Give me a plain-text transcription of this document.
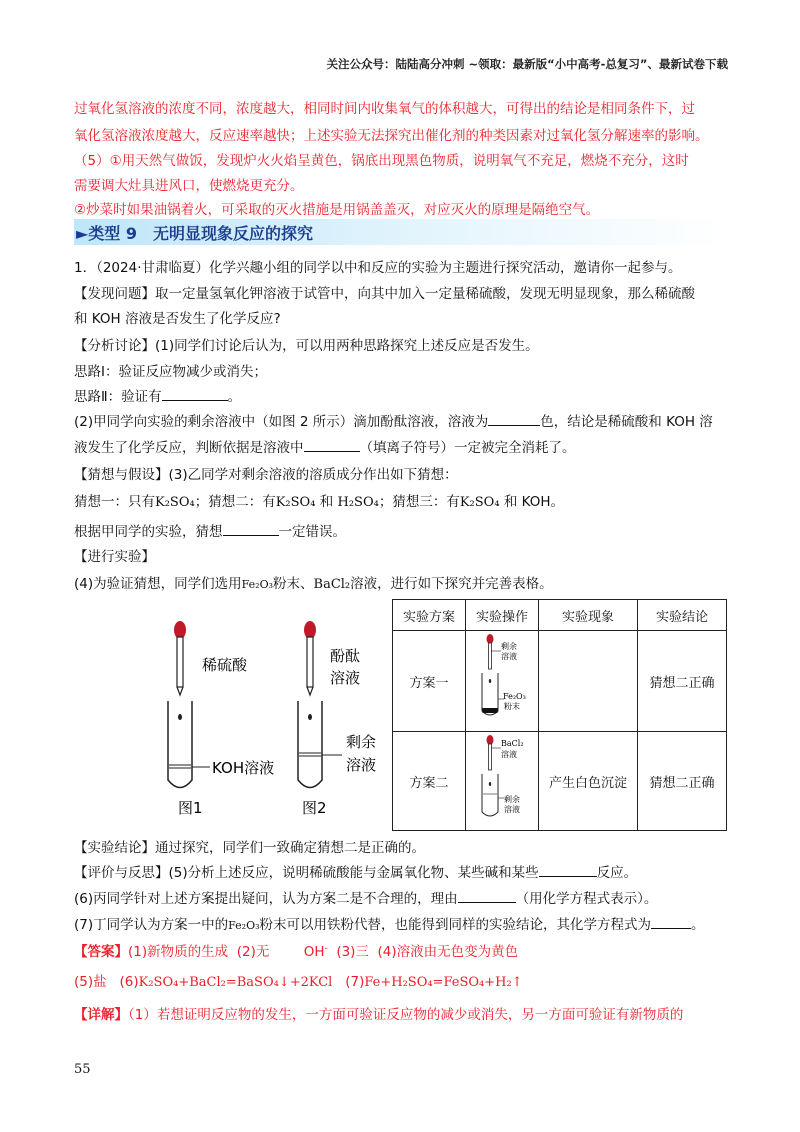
关注公众号：陆陆高分冲刺 ~领取：最新版“小中高考-总复习”、最新试卷下载
过氧化氢溶液的浓度不同，浓度越大，相同时间内收集氧气的体积越大，可得出的结论是相同条件下，过
氧化氢溶液浓度越大，反应速率越快；上述实验无法探究出催化剂的种类因素对过氧化氢分解速率的影响。
（5）①用天然气做饭，发现炉火火焰呈黄色，锅底出现黑色物质，说明氧气不充足，燃烧不充分，这时
需要调大灶具进风口，使燃烧更充分。
②炒菜时如果油锅着火，可采取的灭火措施是用锅盖盖灭，对应灭火的原理是隔绝空气。
►类型 9　无明显现象反应的探究
1．（2024·甘肃临夏）化学兴趣小组的同学以中和反应的实验为主题进行探究活动，邀请你一起参与。
【发现问题】取一定量氢氧化钾溶液于试管中，向其中加入一定量稀硫酸，发现无明显现象，那么稀硫酸
和 KOH 溶液是否发生了化学反应?
【分析讨论】(1)同学们讨论后认为，可以用两种思路探究上述反应是否发生。
思路Ⅰ：验证反应物减少或消失；
思路Ⅱ：验证有	。
(2)甲同学向实验的剩余溶液中（如图 2 所示）滴加酚酞溶液，溶液为	色，结论是稀硫酸和 KOH 溶
液发生了化学反应，判断依据是溶液中	（填离子符号）一定被完全消耗了。
【猜想与假设】(3)乙同学对剩余溶液的溶质成分作出如下猜想：
猜想一：只有K₂SO₄；猜想二：有K₂SO₄ 和 H₂SO₄；猜想三：有K₂SO₄ 和 KOH。
根据甲同学的实验，猜想	一定错误。
【进行实验】
(4)为验证猜想，同学们选用Fe₂O₃粉末、BaCl₂溶液，进行如下探究并完善表格。
稀硫酸
KOH溶液
图1
酚酞
溶液
剩余
溶液
图2
实验方案	实验操作	实验现象	实验结论
方案一	剩余
溶液
Fe₂O₃
粉末		猜想二正确
方案二	BaCl₂
溶液
剩余
溶液	产生白色沉淀	猜想二正确
【实验结论】通过探究，同学们一致确定猜想二是正确的。
【评价与反思】(5)分析上述反应，说明稀硫酸能与金属氧化物、某些碱和某些	反应。
(6)丙同学针对上述方案提出疑问，认为方案二是不合理的，理由	（用化学方程式表示）。
(7)丁同学认为方案一中的Fe₂O₃粉末可以用铁粉代替，也能得到同样的实验结论，其化学方程式为	。
【答案】(1)新物质的生成 (2)无	OH- (3)三 (4)溶液由无色变为黄色
(5)盐 (6)K₂SO₄+BaCl₂=BaSO₄↓+2KCl (7)Fe+H₂SO₄=FeSO₄+H₂↑
【详解】（1）若想证明反应物的发生，一方面可验证反应物的减少或消失，另一方面可验证有新物质的
55
